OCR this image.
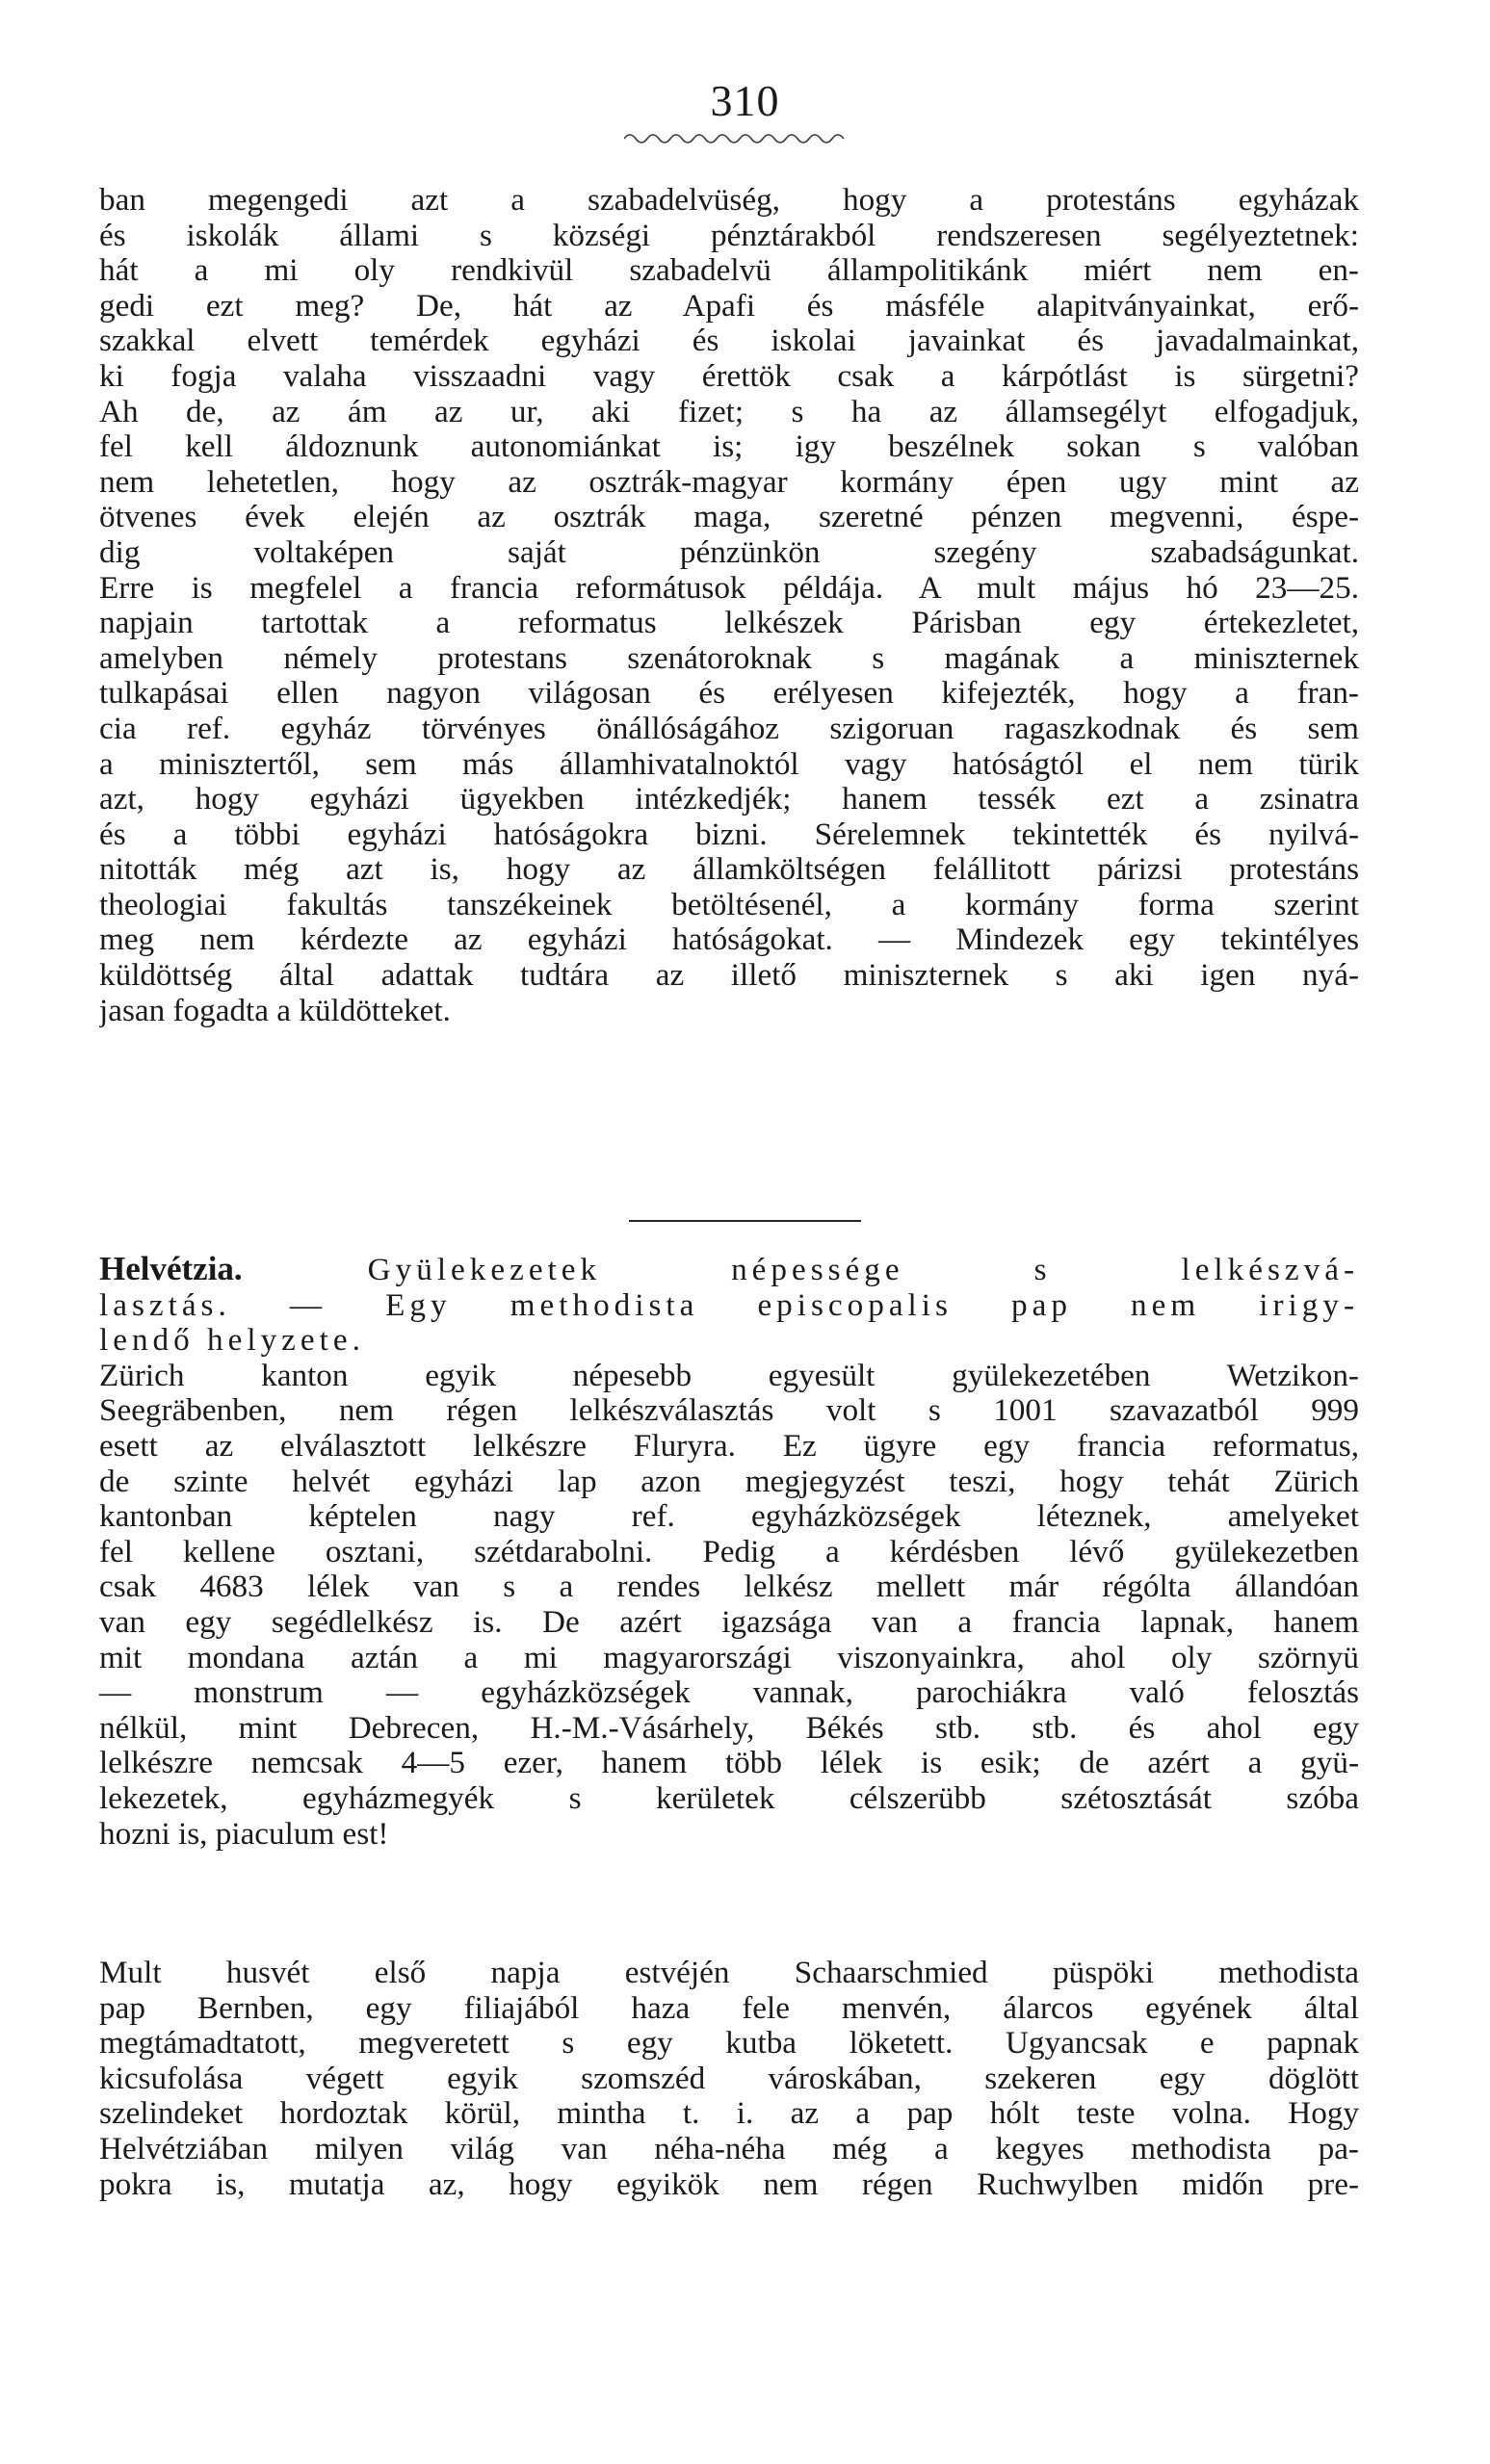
310
ban megengedi azt a szabadelvüség, hogy a protestáns egyházak
és iskolák állami s községi pénztárakból rendszeresen segélyeztetnek:
hát a mi oly rendkivül szabadelvü állampolitikánk miért nem en-
gedi ezt meg? De, hát az Apafi és másféle alapitványainkat, erő-
szakkal elvett temérdek egyházi és iskolai javainkat és javadalmainkat,
ki fogja valaha visszaadni vagy érettök csak a kárpótlást is sürgetni?
Ah de, az ám az ur, aki fizet; s ha az államsegélyt elfogadjuk,
fel kell áldoznunk autonomiánkat is; igy beszélnek sokan s valóban
nem lehetetlen, hogy az osztrák-magyar kormány épen ugy mint az
ötvenes évek elején az osztrák maga, szeretné pénzen megvenni, éspe-
dig voltaképen saját pénzünkön szegény szabadságunkat.
Erre is megfelel a francia reformátusok példája. A mult május hó 23—25.
napjain tartottak a reformatus lelkészek Párisban egy értekezletet,
amelyben némely protestans szenátoroknak s magának a miniszternek
tulkapásai ellen nagyon világosan és erélyesen kifejezték, hogy a fran-
cia ref. egyház törvényes önállóságához szigoruan ragaszkodnak és sem
a minisztertől, sem más államhivatalnoktól vagy hatóságtól el nem türik
azt, hogy egyházi ügyekben intézkedjék; hanem tessék ezt a zsinatra
és a többi egyházi hatóságokra bizni. Sérelemnek tekintették és nyilvá-
nitották még azt is, hogy az államköltségen felállitott párizsi protestáns
theologiai fakultás tanszékeinek betöltésenél, a kormány forma szerint
meg nem kérdezte az egyházi hatóságokat. — Mindezek egy tekintélyes
küldöttség által adattak tudtára az illető miniszternek s aki igen nyá-
jasan fogadta a küldötteket.
Helvétzia.	Gyülekezetek népessége s lelkészvá-
lasztás. — Egy methodista episcopalis pap nem irigy-
lendő helyzete.
Zürich kanton egyik népesebb egyesült gyülekezetében Wetzikon-
Seegräbenben, nem régen lelkészválasztás volt s 1001 szavazatból 999
esett az elválasztott lelkészre Fluryra. Ez ügyre egy francia reformatus,
de szinte helvét egyházi lap azon megjegyzést teszi, hogy tehát Zürich
kantonban képtelen nagy ref. egyházközségek léteznek, amelyeket
fel kellene osztani, szétdarabolni. Pedig a kérdésben lévő gyülekezetben
csak 4683 lélek van s a rendes lelkész mellett már régólta állandóan
van egy segédlelkész is. De azért igazsága van a francia lapnak, hanem
mit mondana aztán a mi magyarországi viszonyainkra, ahol oly szörnyü
— monstrum — egyházközségek vannak, parochiákra való felosztás
nélkül, mint Debrecen, H.-M.-Vásárhely, Békés stb. stb. és ahol egy
lelkészre nemcsak 4—5 ezer, hanem több lélek is esik; de azért a gyü-
lekezetek, egyházmegyék s kerületek célszerübb szétosztását szóba
hozni is, piaculum est!
Mult husvét első napja estvéjén Schaarschmied püspöki methodista
pap Bernben, egy filiajából haza fele menvén, álarcos egyének által
megtámadtatott, megveretett s egy kutba löketett. Ugyancsak e papnak
kicsufolása végett egyik szomszéd városkában, szekeren egy döglött
szelindeket hordoztak körül, mintha t. i. az a pap hólt teste volna. Hogy
Helvétziában milyen világ van néha-néha még a kegyes methodista pa-
pokra is, mutatja az, hogy egyikök nem régen Ruchwylben midőn pre-
